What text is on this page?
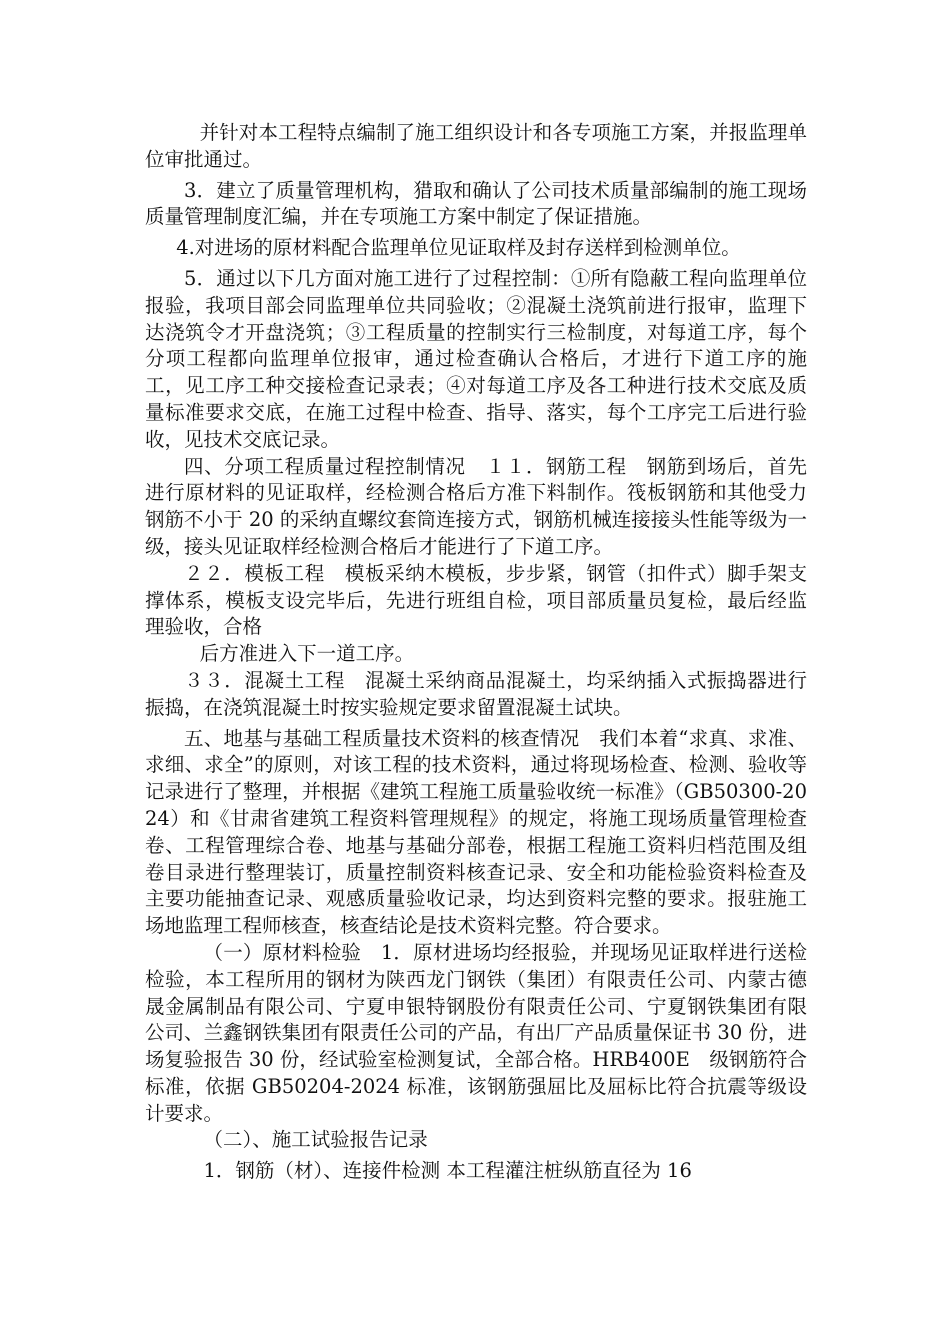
并针对本工程特点编制了施工组织设计和各专项施工方案，并报监理单位审批通过。

3．建立了质量管理机构，猎取和确认了公司技术质量部编制的施工现场质量管理制度汇编，并在专项施工方案中制定了保证措施。

4.对进场的原材料配合监理单位见证取样及封存送样到检测单位。

5．通过以下几方面对施工进行了过程控制：①所有隐蔽工程向监理单位报验，我项目部会同监理单位共同验收；②混凝土浇筑前进行报审，监理下达浇筑令才开盘浇筑；③工程质量的控制实行三检制度，对每道工序，每个分项工程都向监理单位报审，通过检查确认合格后，才进行下道工序的施工，见工序工种交接检查记录表；④对每道工序及各工种进行技术交底及质量标准要求交底，在施工过程中检查、指导、落实，每个工序完工后进行验收，见技术交底记录。

四、分项工程质量过程控制情况　１１．钢筋工程　钢筋到场后，首先进行原材料的见证取样，经检测合格后方准下料制作。筏板钢筋和其他受力钢筋不小于 20 的采纳直螺纹套筒连接方式，钢筋机械连接接头性能等级为一级，接头见证取样经检测合格后才能进行了下道工序。

２２．模板工程　模板采纳木模板，步步紧，钢管（扣件式）脚手架支撑体系，模板支设完毕后，先进行班组自检，项目部质量员复检，最后经监理验收，合格

后方准进入下一道工序。

３３．混凝土工程　混凝土采纳商品混凝土，均采纳插入式振捣器进行振捣，在浇筑混凝土时按实验规定要求留置混凝土试块。

五、地基与基础工程质量技术资料的核查情况　我们本着“求真、求准、求细、求全”的原则，对该工程的技术资料，通过将现场检查、检测、验收等记录进行了整理，并根据《建筑工程施工质量验收统一标准》（GB50300-2024）和《甘肃省建筑工程资料管理规程》的规定，将施工现场质量管理检查卷、工程管理综合卷、地基与基础分部卷，根据工程施工资料归档范围及组卷目录进行整理装订，质量控制资料核查记录、安全和功能检验资料检查及主要功能抽查记录、观感质量验收记录，均达到资料完整的要求。报驻施工场地监理工程师核查，核查结论是技术资料完整。符合要求。

（一）原材料检验　1．原材进场均经报验，并现场见证取样进行送检检验，本工程所用的钢材为陕西龙门钢铁（集团）有限责任公司、内蒙古德晟金属制品有限公司、宁夏申银特钢股份有限责任公司、宁夏钢铁集团有限公司、兰鑫钢铁集团有限责任公司的产品，有出厂产品质量保证书 30 份，进场复验报告 30 份，经试验室检测复试，全部合格。HRB400E　级钢筋符合　标准，依据 GB50204-2024 标准，该钢筋强屈比及屈标比符合抗震等级设计要求。

（二）、施工试验报告记录

1．钢筋（材）、连接件检测 本工程灌注桩纵筋直径为 16
